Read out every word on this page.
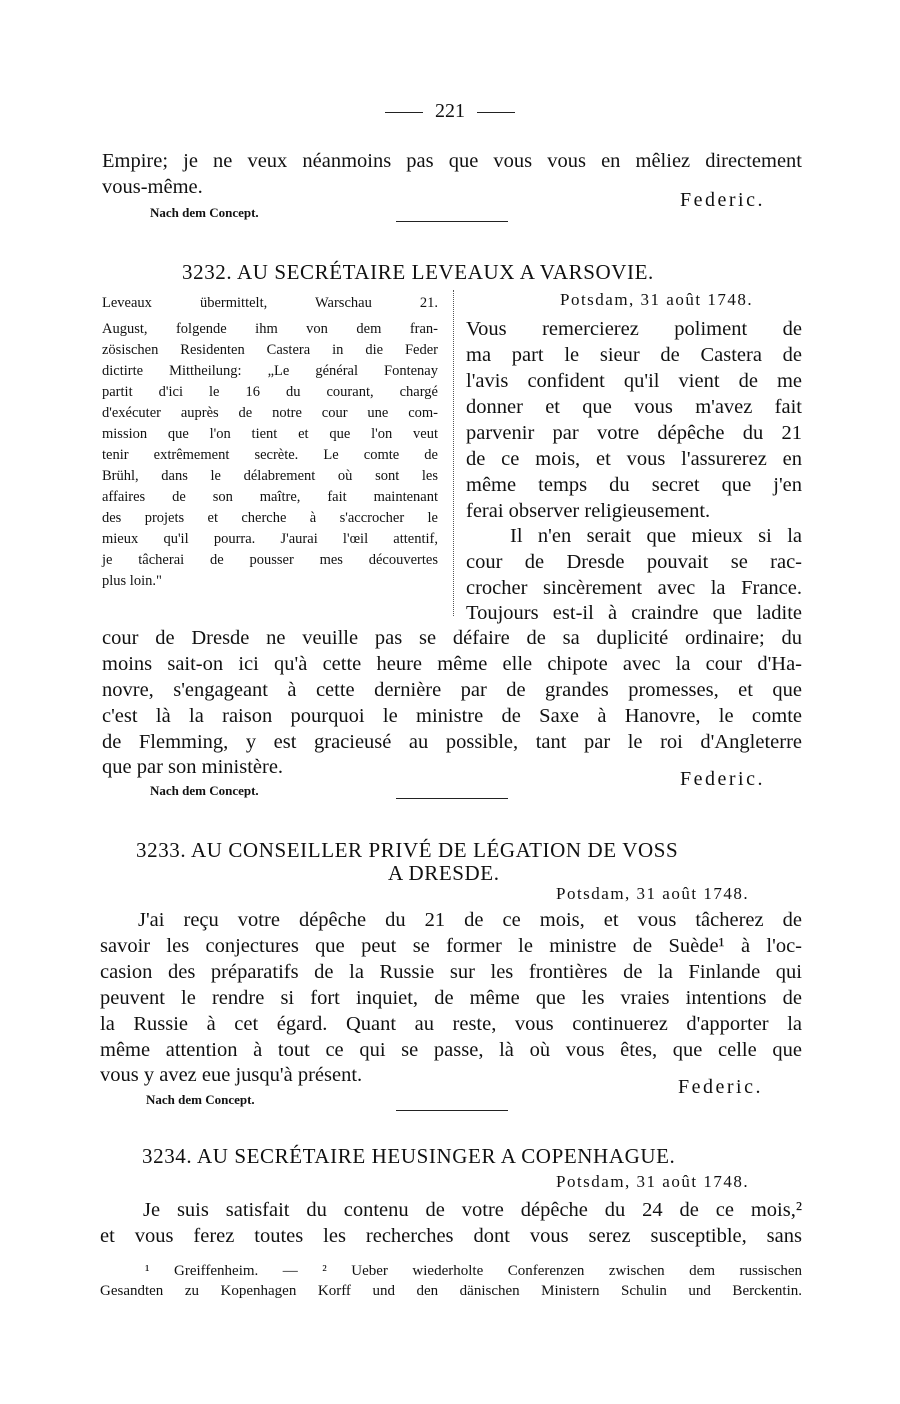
221
Empire; je ne veux néanmoins pas que vous vous en mêliez directement
vous-même.
Federic.
Nach dem Concept.
3232. AU SECRÉTAIRE LEVEAUX A VARSOVIE.
Leveaux übermittelt, Warschau 21.
August, folgende ihm von dem fran-
zösischen Residenten Castera in die Feder
dictirte Mittheilung: „Le général Fontenay
partit d'ici le 16 du courant, chargé
d'exécuter auprès de notre cour une com-
mission que l'on tient et que l'on veut
tenir extrêmement secrète. Le comte de
Brühl, dans le délabrement où sont les
affaires de son maître, fait maintenant
des projets et cherche à s'accrocher le
mieux qu'il pourra. J'aurai l'œil attentif,
je tâcherai de pousser mes découvertes
plus loin."
Potsdam, 31 août 1748.
Vous remercierez poliment de
ma part le sieur de Castera de
l'avis confident qu'il vient de me
donner et que vous m'avez fait
parvenir par votre dépêche du 21
de ce mois, et vous l'assurerez en
même temps du secret que j'en
ferai observer religieusement.
Il n'en serait que mieux si la
cour de Dresde pouvait se rac-
crocher sincèrement avec la France.
Toujours est-il à craindre que ladite
cour de Dresde ne veuille pas se défaire de sa duplicité ordinaire; du
moins sait-on ici qu'à cette heure même elle chipote avec la cour d'Ha-
novre, s'engageant à cette dernière par de grandes promesses, et que
c'est là la raison pourquoi le ministre de Saxe à Hanovre, le comte
de Flemming, y est gracieusé au possible, tant par le roi d'Angleterre
que par son ministère.
Federic.
Nach dem Concept.
3233. AU CONSEILLER PRIVÉ DE LÉGATION DE VOSS
A DRESDE.
Potsdam, 31 août 1748.
J'ai reçu votre dépêche du 21 de ce mois, et vous tâcherez de
savoir les conjectures que peut se former le ministre de Suède¹ à l'oc-
casion des préparatifs de la Russie sur les frontières de la Finlande qui
peuvent le rendre si fort inquiet, de même que les vraies intentions de
la Russie à cet égard. Quant au reste, vous continuerez d'apporter la
même attention à tout ce qui se passe, là où vous êtes, que celle que
vous y avez eue jusqu'à présent.
Federic.
Nach dem Concept.
3234. AU SECRÉTAIRE HEUSINGER A COPENHAGUE.
Potsdam, 31 août 1748.
Je suis satisfait du contenu de votre dépêche du 24 de ce mois,²
et vous ferez toutes les recherches dont vous serez susceptible, sans
¹ Greiffenheim. — ² Ueber wiederholte Conferenzen zwischen dem russischen
Gesandten zu Kopenhagen Korff und den dänischen Ministern Schulin und Berckentin.
